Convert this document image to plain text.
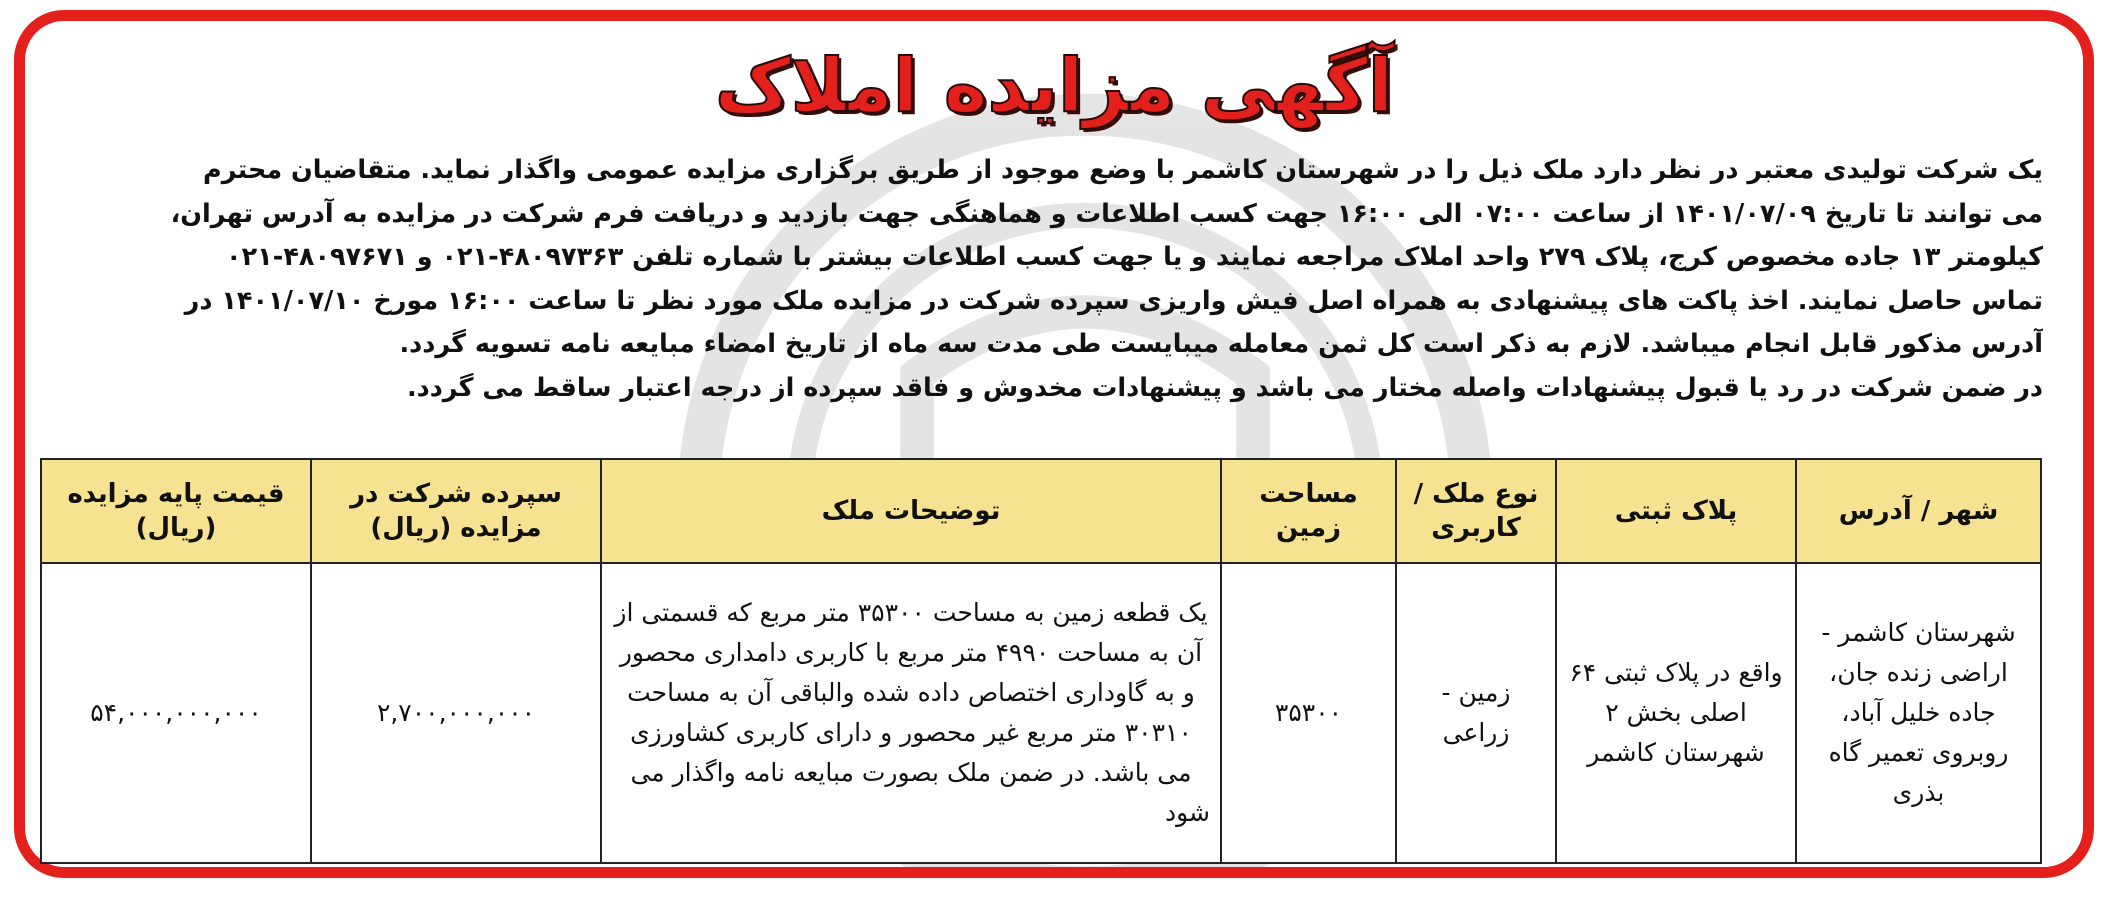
آگهی مزایده املاک

یک شرکت تولیدی معتبر در نظر دارد ملک ذیل را در شهرستان کاشمر با وضع موجود از طریق برگزاری مزایده عمومی واگذار نماید. متقاضیان محترم

می توانند تا تاریخ ۱۴۰۱/۰۷/۰۹ از ساعت ۰۷:۰۰ الی ۱۶:۰۰ جهت کسب اطلاعات و هماهنگی جهت بازدید و دریافت فرم شرکت در مزایده به آدرس تهران،

کیلومتر ۱۳ جاده مخصوص کرج، پلاک ۲۷۹ واحد املاک مراجعه نمایند و یا جهت کسب اطلاعات بیشتر با شماره تلفن ۴۸۰۹۷۳۶۳-۰۲۱ و ۴۸۰۹۷۶۷۱-۰۲۱

تماس حاصل نمایند. اخذ پاکت های پیشنهادی به همراه اصل فیش واریزی سپرده شرکت در مزایده ملک مورد نظر تا ساعت ۱۶:۰۰ مورخ ۱۴۰۱/۰۷/۱۰ در

آدرس مذکور قابل انجام میباشد. لازم به ذکر است کل ثمن معامله میبایست طی مدت سه ماه از تاریخ امضاء مبایعه نامه تسویه گردد.

در ضمن شرکت در رد یا قبول پیشنهادات واصله مختار می باشد و پیشنهادات مخدوش و فاقد سپرده از درجه اعتبار ساقط می گردد.

شهر / آدرس	پلاک ثبتی	نوع ملک / کاربری	مساحت زمین	توضیحات ملک	سپرده شرکت در مزایده (ریال)	قیمت پایه مزایده (ریال)
شهرستان کاشمر - اراضی زنده جان، جاده خلیل آباد، روبروی تعمیر گاه بذری	واقع در پلاک ثبتی ۶۴ اصلی بخش ۲ شهرستان کاشمر	زمین - زراعی	۳۵۳۰۰	یک قطعه زمین به مساحت ۳۵۳۰۰ متر مربع که قسمتی از آن به مساحت ۴۹۹۰ متر مربع با کاربری دامداری محصور و به گاوداری اختصاص داده شده والباقی آن به مساحت ۳۰۳۱۰ متر مربع غیر محصور و دارای کاربری کشاورزی می باشد. در ضمن ملک بصورت مبایعه نامه واگذار می شود	۲,۷۰۰,۰۰۰,۰۰۰	۵۴,۰۰۰,۰۰۰,۰۰۰
